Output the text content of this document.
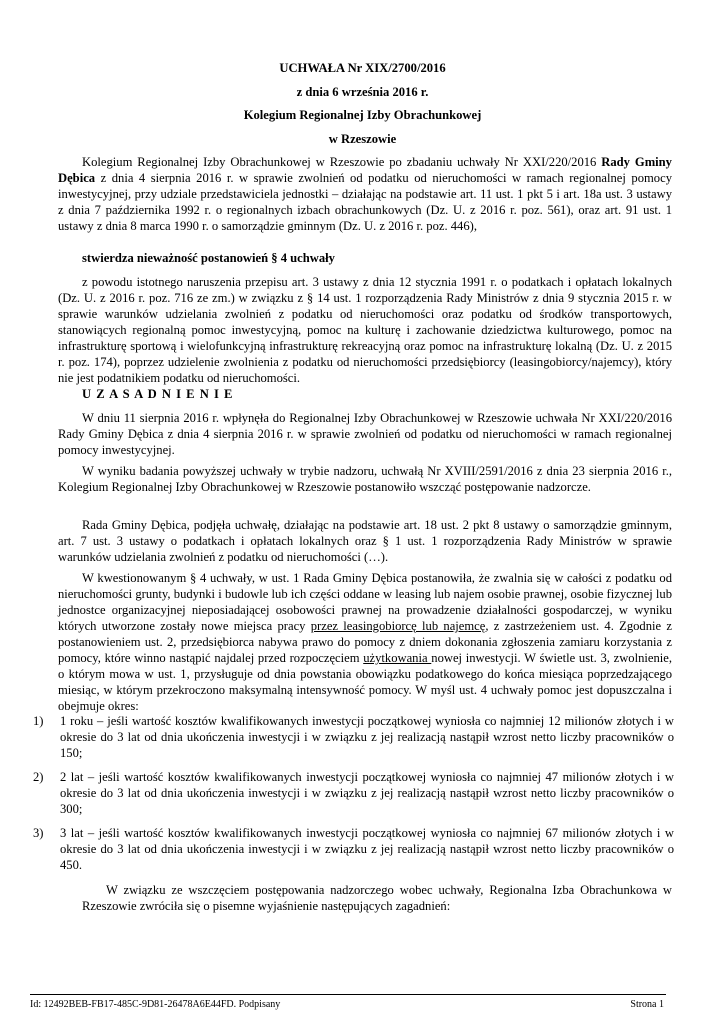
UCHWAŁA Nr XIX/2700/2016
z dnia 6 września 2016 r.
Kolegium Regionalnej Izby Obrachunkowej
w Rzeszowie
Kolegium Regionalnej Izby Obrachunkowej w Rzeszowie po zbadaniu uchwały Nr XXI/220/2016 Rady Gminy Dębica z dnia 4 sierpnia 2016 r. w sprawie zwolnień od podatku od nieruchomości w ramach regionalnej pomocy inwestycyjnej, przy udziale przedstawiciela jednostki – działając na podstawie art. 11 ust. 1 pkt 5 i art. 18a ust. 3 ustawy z dnia 7 października 1992 r. o regionalnych izbach obrachunkowych (Dz. U. z 2016 r. poz. 561), oraz art. 91 ust. 1 ustawy z dnia 8 marca 1990 r. o samorządzie gminnym (Dz. U. z 2016 r. poz. 446),
stwierdza nieważność postanowień § 4 uchwały
z powodu istotnego naruszenia przepisu art. 3 ustawy z dnia 12 stycznia 1991 r. o podatkach i opłatach lokalnych (Dz. U. z 2016 r. poz. 716 ze zm.) w związku z § 14 ust. 1 rozporządzenia Rady Ministrów z dnia 9 stycznia 2015 r. w sprawie warunków udzielania zwolnień z podatku od nieruchomości oraz podatku od środków transportowych, stanowiących regionalną pomoc inwestycyjną, pomoc na kulturę i zachowanie dziedzictwa kulturowego, pomoc na infrastrukturę sportową i wielofunkcyjną infrastrukturę rekreacyjną oraz pomoc na infrastrukturę lokalną (Dz. U. z 2015 r. poz. 174), poprzez udzielenie zwolnienia z podatku od nieruchomości przedsiębiorcy (leasingobiorcy/najemcy), który nie jest podatnikiem podatku od nieruchomości.
U Z A S A D N I E N I E
W dniu 11 sierpnia 2016 r. wpłynęła do Regionalnej Izby Obrachunkowej w Rzeszowie uchwała Nr XXI/220/2016 Rady Gminy Dębica z dnia 4 sierpnia 2016 r. w sprawie zwolnień od podatku od nieruchomości w ramach regionalnej pomocy inwestycyjnej.
W wyniku badania powyższej uchwały w trybie nadzoru, uchwałą Nr XVIII/2591/2016 z dnia 23 sierpnia 2016 r., Kolegium Regionalnej Izby Obrachunkowej w Rzeszowie postanowiło wszcząć postępowanie nadzorcze.
Rada Gminy Dębica, podjęła uchwałę, działając na podstawie art. 18 ust. 2 pkt 8 ustawy o samorządzie gminnym, art. 7 ust. 3 ustawy o podatkach i opłatach lokalnych oraz § 1 ust. 1 rozporządzenia Rady Ministrów w sprawie warunków udzielania zwolnień z podatku od nieruchomości (…).
W kwestionowanym § 4 uchwały, w ust. 1 Rada Gminy Dębica postanowiła, że zwalnia się w całości z podatku od nieruchomości grunty, budynki i budowle lub ich części oddane w leasing lub najem osobie prawnej, osobie fizycznej lub jednostce organizacyjnej nieposiadającej osobowości prawnej na prowadzenie działalności gospodarczej, w wyniku których utworzone zostały nowe miejsca pracy przez leasingobiorcę lub najemcę, z zastrzeżeniem ust. 4. Zgodnie z postanowieniem ust. 2, przedsiębiorca nabywa prawo do pomocy z dniem dokonania zgłoszenia zamiaru korzystania z pomocy, które winno nastąpić najdalej przed rozpoczęciem użytkowania nowej inwestycji. W świetle ust. 3, zwolnienie, o którym mowa w ust. 1, przysługuje od dnia powstania obowiązku podatkowego do końca miesiąca poprzedzającego miesiąc, w którym przekroczono maksymalną intensywność pomocy. W myśl ust. 4 uchwały pomoc jest dopuszczalna i obejmuje okres:
1) 1 roku – jeśli wartość kosztów kwalifikowanych inwestycji początkowej wyniosła co najmniej 12 milionów złotych i w okresie do 3 lat od dnia ukończenia inwestycji i w związku z jej realizacją nastąpił wzrost netto liczby pracowników o 150;
2) 2 lat – jeśli wartość kosztów kwalifikowanych inwestycji początkowej wyniosła co najmniej 47 milionów złotych i w okresie do 3 lat od dnia ukończenia inwestycji i w związku z jej realizacją nastąpił wzrost netto liczby pracowników o 300;
3) 3 lat – jeśli wartość kosztów kwalifikowanych inwestycji początkowej wyniosła co najmniej 67 milionów złotych i w okresie do 3 lat od dnia ukończenia inwestycji i w związku z jej realizacją nastąpił wzrost netto liczby pracowników o 450.
W związku ze wszczęciem postępowania nadzorczego wobec uchwały, Regionalna Izba Obrachunkowa w Rzeszowie zwróciła się o pisemne wyjaśnienie następujących zagadnień:
Id: 12492BEB-FB17-485C-9D81-26478A6E44FD. Podpisany	Strona 1
